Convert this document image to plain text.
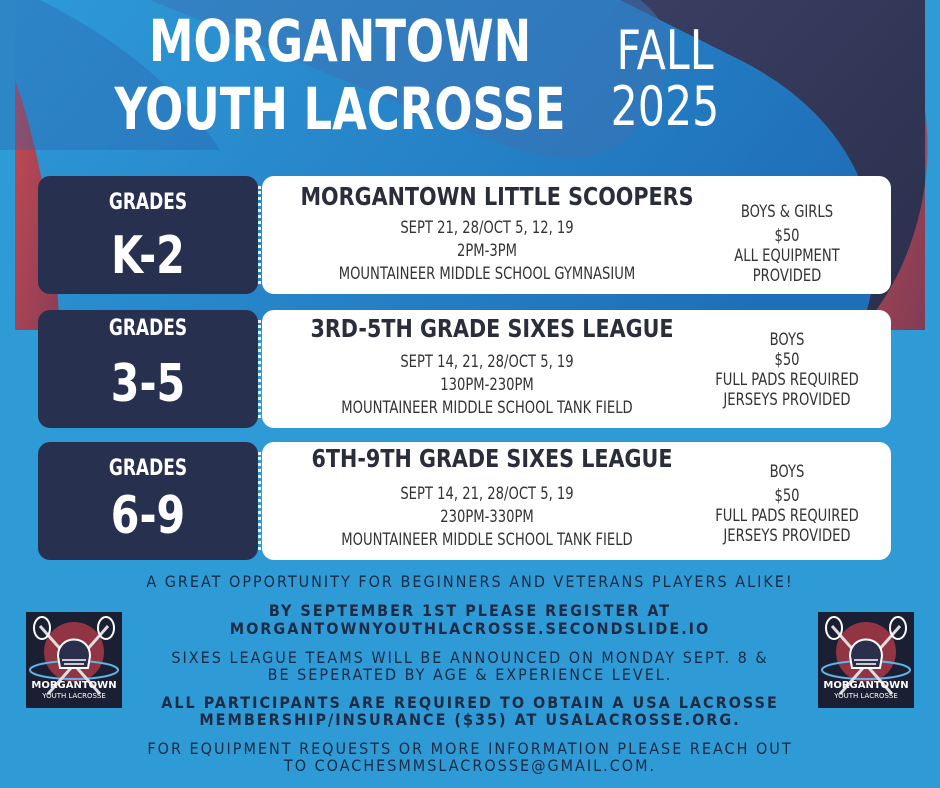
MORGANTOWN
YOUTH LACROSSE
FALL
2025
GRADES
K-2
MORGANTOWN LITTLE SCOOPERS
SEPT 21, 28/OCT 5, 12, 19
2PM-3PM
MOUNTAINEER MIDDLE SCHOOL GYMNASIUM
BOYS & GIRLS
$50
ALL EQUIPMENT
PROVIDED
GRADES
3-5
3RD-5TH GRADE SIXES LEAGUE
SEPT 14, 21, 28/OCT 5, 19
130PM-230PM
MOUNTAINEER MIDDLE SCHOOL TANK FIELD
BOYS
$50
FULL PADS REQUIRED
JERSEYS PROVIDED
GRADES
6-9
6TH-9TH GRADE SIXES LEAGUE
SEPT 14, 21, 28/OCT 5, 19
230PM-330PM
MOUNTAINEER MIDDLE SCHOOL TANK FIELD
BOYS
$50
FULL PADS REQUIRED
JERSEYS PROVIDED
A GREAT OPPORTUNITY FOR BEGINNERS AND VETERANS PLAYERS ALIKE!
BY SEPTEMBER 1ST PLEASE REGISTER AT
MORGANTOWNYOUTHLACROSSE.SECONDSLIDE.IO
SIXES LEAGUE TEAMS WILL BE ANNOUNCED ON MONDAY SEPT. 8 &
BE SEPERATED BY AGE & EXPERIENCE LEVEL.
ALL PARTICIPANTS ARE REQUIRED TO OBTAIN A USA LACROSSE
MEMBERSHIP/INSURANCE ($35) AT USALACROSSE.ORG.
FOR EQUIPMENT REQUESTS OR MORE INFORMATION PLEASE REACH OUT
TO COACHESMMSLACROSSE@GMAIL.COM.
MORGANTOWN
YOUTH LACROSSE
MORGANTOWN
YOUTH LACROSSE
